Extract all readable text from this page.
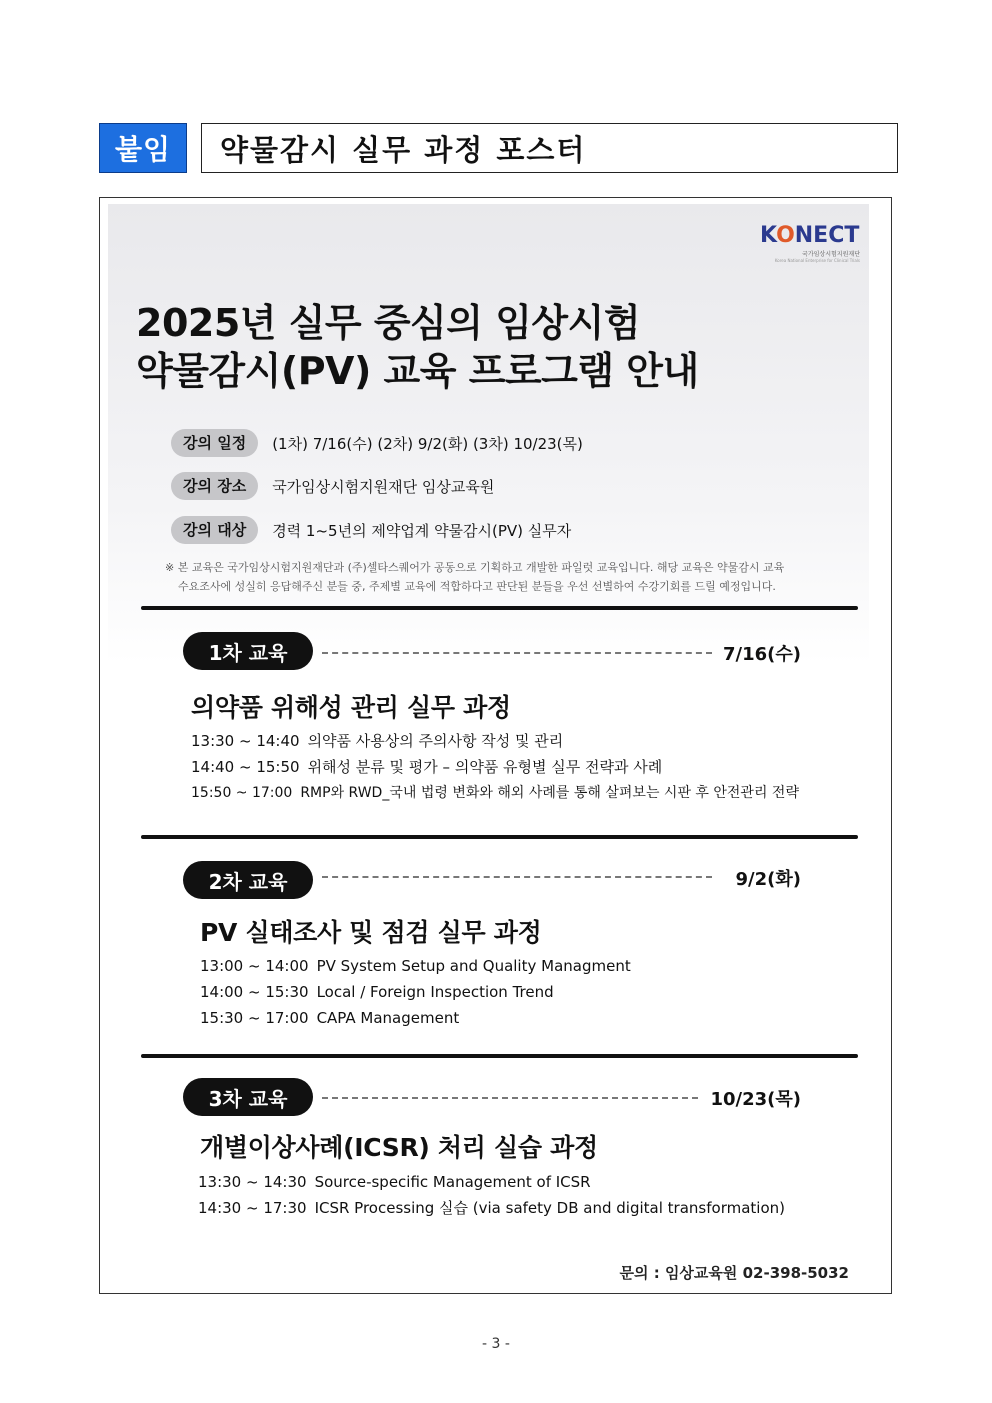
붙임	약물감시 실무 과정 포스터
KONECT
국가임상시험지원재단
Korea National Enterprise for Clinical Trials
2025년 실무 중심의 임상시험
약물감시(PV) 교육 프로그램 안내
강의 일정	(1차) 7/16(수) (2차) 9/2(화) (3차) 10/23(목)
강의 장소	국가임상시험지원재단 임상교육원
강의 대상	경력 1~5년의 제약업계 약물감시(PV) 실무자
※ 본 교육은 국가임상시험지원재단과 (주)셀타스퀘어가 공동으로 기획하고 개발한 파일럿 교육입니다. 해당 교육은 약물감시 교육
수요조사에 성실히 응답해주신 분들 중, 주제별 교육에 적합하다고 판단된 분들을 우선 선별하여 수강기회를 드릴 예정입니다.
1차 교육	7/16(수)
의약품 위해성 관리 실무 과정
13:30 ~ 14:40 의약품 사용상의 주의사항 작성 및 관리
14:40 ~ 15:50 위해성 분류 및 평가 – 의약품 유형별 실무 전략과 사례
15:50 ~ 17:00 RMP와 RWD_국내 법령 변화와 해외 사례를 통해 살펴보는 시판 후 안전관리 전략
2차 교육	9/2(화)
PV 실태조사 및 점검 실무 과정
13:00 ~ 14:00 PV System Setup and Quality Managment
14:00 ~ 15:30 Local / Foreign Inspection Trend
15:30 ~ 17:00 CAPA Management
3차 교육	10/23(목)
개별이상사례(ICSR) 처리 실습 과정
13:30 ~ 14:30 Source-specific Management of ICSR
14:30 ~ 17:30 ICSR Processing 실습 (via safety DB and digital transformation)
문의 : 임상교육원 02-398-5032
- 3 -
